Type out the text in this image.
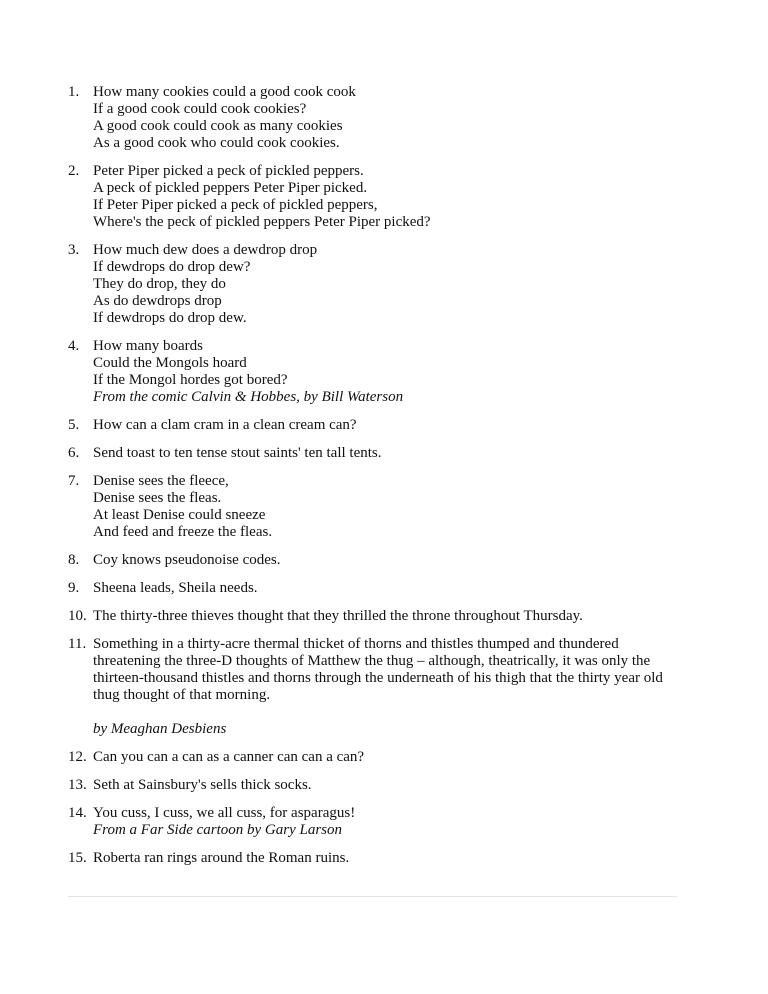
1. How many cookies could a good cook cook
If a good cook could cook cookies?
A good cook could cook as many cookies
As a good cook who could cook cookies.
2. Peter Piper picked a peck of pickled peppers.
A peck of pickled peppers Peter Piper picked.
If Peter Piper picked a peck of pickled peppers,
Where's the peck of pickled peppers Peter Piper picked?
3. How much dew does a dewdrop drop
If dewdrops do drop dew?
They do drop, they do
As do dewdrops drop
If dewdrops do drop dew.
4. How many boards
Could the Mongols hoard
If the Mongol hordes got bored?
From the comic Calvin & Hobbes, by Bill Waterson
5. How can a clam cram in a clean cream can?
6. Send toast to ten tense stout saints' ten tall tents.
7. Denise sees the fleece,
Denise sees the fleas.
At least Denise could sneeze
And feed and freeze the fleas.
8. Coy knows pseudonoise codes.
9. Sheena leads, Sheila needs.
10. The thirty-three thieves thought that they thrilled the throne throughout Thursday.
11. Something in a thirty-acre thermal thicket of thorns and thistles thumped and thundered threatening the three-D thoughts of Matthew the thug – although, theatrically, it was only the thirteen-thousand thistles and thorns through the underneath of his thigh that the thirty year old thug thought of that morning.
by Meaghan Desbiens
12. Can you can a can as a canner can can a can?
13. Seth at Sainsbury's sells thick socks.
14. You cuss, I cuss, we all cuss, for asparagus!
From a Far Side cartoon by Gary Larson
15. Roberta ran rings around the Roman ruins.
